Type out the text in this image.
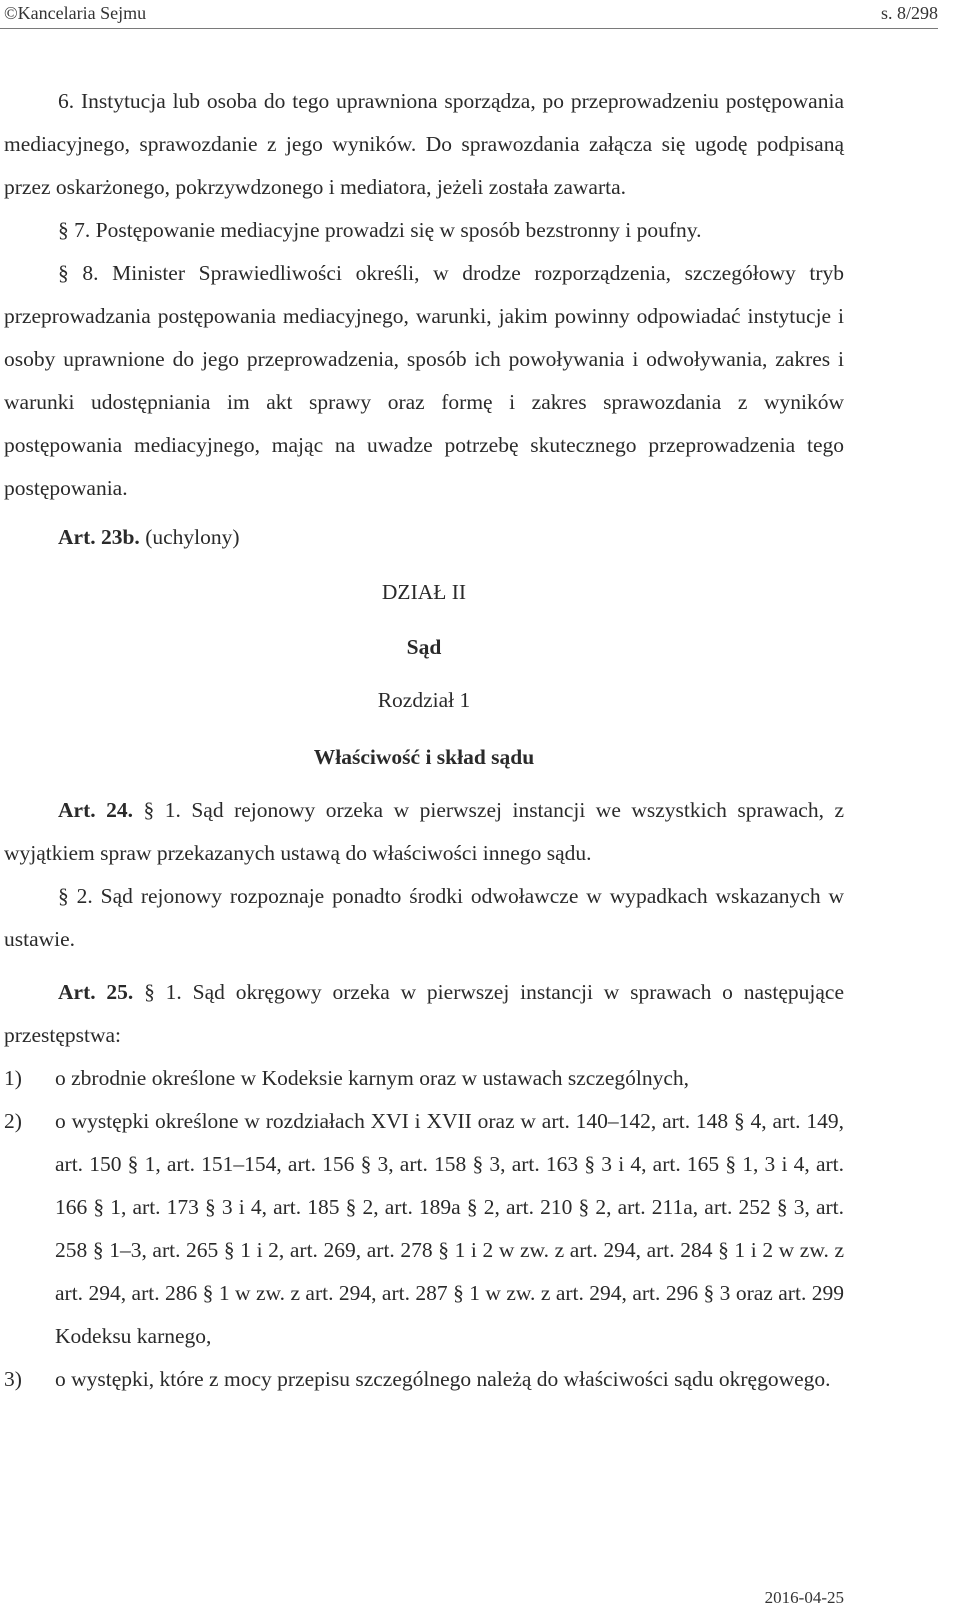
©Kancelaria Sejmu	s. 8/298

6. Instytucja lub osoba do tego uprawniona sporządza, po przeprowadzeniu postępowania mediacyjnego, sprawozdanie z jego wyników. Do sprawozdania załącza się ugodę podpisaną przez oskarżonego, pokrzywdzonego i mediatora, jeżeli została zawarta.

§ 7. Postępowanie mediacyjne prowadzi się w sposób bezstronny i poufny.

§ 8. Minister Sprawiedliwości określi, w drodze rozporządzenia, szczegółowy tryb przeprowadzania postępowania mediacyjnego, warunki, jakim powinny odpowiadać instytucje i osoby uprawnione do jego przeprowadzenia, sposób ich powoływania i odwoływania, zakres i warunki udostępniania im akt sprawy oraz formę i zakres sprawozdania z wyników postępowania mediacyjnego, mając na uwadze potrzebę skutecznego przeprowadzenia tego postępowania.

Art. 23b. (uchylony)

DZIAŁ II
Sąd
Rozdział 1
Właściwość i skład sądu

Art. 24. § 1. Sąd rejonowy orzeka w pierwszej instancji we wszystkich sprawach, z wyjątkiem spraw przekazanych ustawą do właściwości innego sądu.

§ 2. Sąd rejonowy rozpoznaje ponadto środki odwoławcze w wypadkach wskazanych w ustawie.

Art. 25. § 1. Sąd okręgowy orzeka w pierwszej instancji w sprawach o następujące przestępstwa:

1) o zbrodnie określone w Kodeksie karnym oraz w ustawach szczególnych,
2) o występki określone w rozdziałach XVI i XVII oraz w art. 140–142, art. 148 § 4, art. 149, art. 150 § 1, art. 151–154, art. 156 § 3, art. 158 § 3, art. 163 § 3 i 4, art. 165 § 1, 3 i 4, art. 166 § 1, art. 173 § 3 i 4, art. 185 § 2, art. 189a § 2, art. 210 § 2, art. 211a, art. 252 § 3, art. 258 § 1–3, art. 265 § 1 i 2, art. 269, art. 278 § 1 i 2 w zw. z art. 294, art. 284 § 1 i 2 w zw. z art. 294, art. 286 § 1 w zw. z art. 294, art. 287 § 1 w zw. z art. 294, art. 296 § 3 oraz art. 299 Kodeksu karnego,
3) o występki, które z mocy przepisu szczególnego należą do właściwości sądu okręgowego.
2016-04-25
